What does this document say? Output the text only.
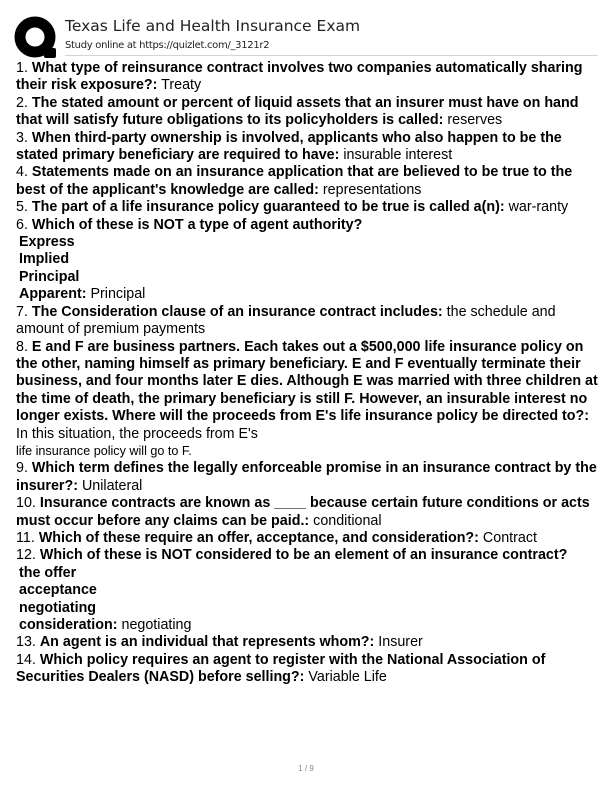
Texas Life and Health Insurance Exam
Study online at https://quizlet.com/_3121r2
1. What type of reinsurance contract involves two companies automatically sharing their risk exposure?: Treaty
2. The stated amount or percent of liquid assets that an insurer must have on hand that will satisfy future obligations to its policyholders is called: reserves
3. When third-party ownership is involved, applicants who also happen to be the stated primary beneficiary are required to have: insurable interest
4. Statements made on an insurance application that are believed to be true to the best of the applicant's knowledge are called: representations
5. The part of a life insurance policy guaranteed to be true is called a(n): war-ranty
6. Which of these is NOT a type of agent authority?
Express
Implied
Principal
Apparent: Principal
7. The Consideration clause of an insurance contract includes: the schedule and amount of premium payments
8. E and F are business partners. Each takes out a $500,000 life insurance policy on the other, naming himself as primary beneficiary. E and F eventually terminate their business, and four months later E dies. Although E was married with three children at the time of death, the primary beneficiary is still F. However, an insurable interest no longer exists. Where will the proceeds from E's life insurance policy be directed to?: In this situation, the proceeds from E's
life insurance policy will go to F.
9. Which term defines the legally enforceable promise in an insurance contract by the insurer?: Unilateral
10. Insurance contracts are known as ____ because certain future conditions or acts must occur before any claims can be paid.: conditional
11. Which of these require an offer, acceptance, and consideration?: Contract
12. Which of these is NOT considered to be an element of an insurance contract?
the offer
acceptance
negotiating
consideration: negotiating
13. An agent is an individual that represents whom?: Insurer
14. Which policy requires an agent to register with the National Association of Securities Dealers (NASD) before selling?: Variable Life
1 / 9
